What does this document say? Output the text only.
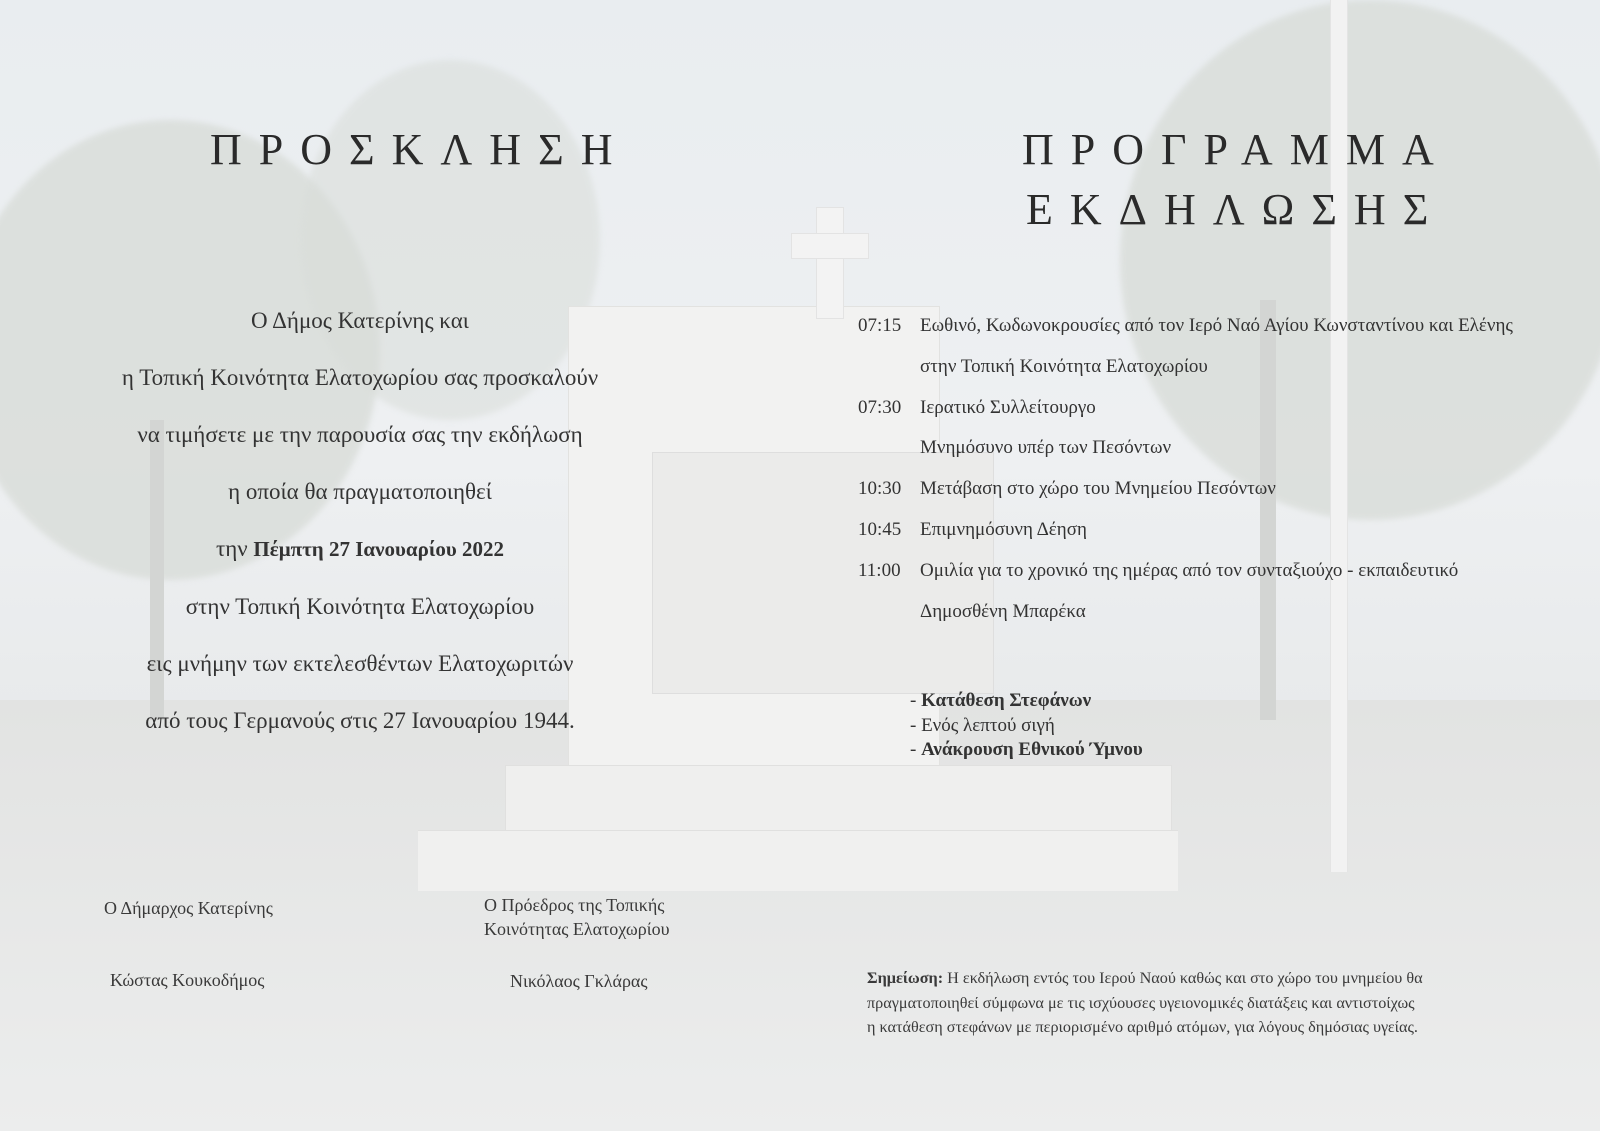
ΠΡΟΣΚΛΗΣΗ

Ο Δήμος Κατερίνης και

η Τοπική Κοινότητα Ελατοχωρίου σας προσκαλούν

να τιμήσετε με την παρουσία σας την εκδήλωση

η οποία θα πραγματοποιηθεί

την Πέμπτη 27 Ιανουαρίου 2022

στην Τοπική Κοινότητα Ελατοχωρίου

εις μνήμην των εκτελεσθέντων Ελατοχωριτών

από τους Γερμανούς στις 27 Ιανουαρίου 1944.

ΠΡΟΓΡΑΜΜΑ
ΕΚΔΗΛΩΣΗΣ
07:15 Εωθινό, Κωδωνοκρουσίες από τον Ιερό Ναό Αγίου Κωνσταντίνου και Ελένης
στην Τοπική Κοινότητα Ελατοχωρίου
07:30 Ιερατικό Συλλείτουργο
Μνημόσυνο υπέρ των Πεσόντων
10:30 Μετάβαση στο χώρο του Μνημείου Πεσόντων
10:45 Επιμνημόσυνη Δέηση
11:00	Ομιλία για το χρονικό της ημέρας από τον συνταξιούχο - εκπαιδευτικό
Δημοσθένη Μπαρέκα
- Κατάθεση Στεφάνων
- Ενός λεπτού σιγή
- Ανάκρουση Εθνικού Ύμνου
Ο Δήμαρχος Κατερίνης
Κώστας Κουκοδήμος
Ο Πρόεδρος της Τοπικής
Κοινότητας Ελατοχωρίου
Νικόλαος Γκλάρας	Σημείωση: Η εκδήλωση εντός του Ιερού Ναού καθώς και στο χώρο του μνημείου θα πραγματοποιηθεί σύμφωνα με τις ισχύουσες υγειονομικές διατάξεις και αντιστοίχως η κατάθεση στεφάνων με περιορισμένο αριθμό ατόμων, για λόγους δημόσιας υγείας.
